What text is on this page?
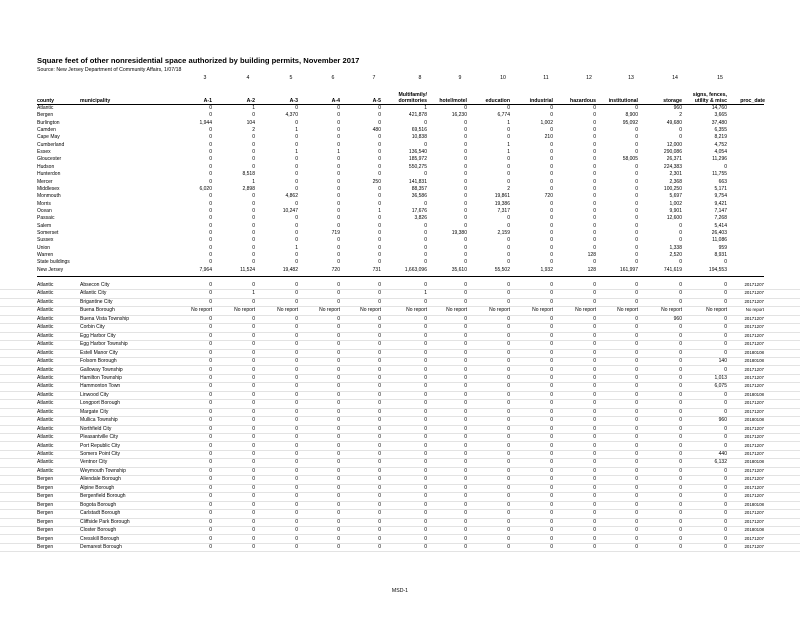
Square feet of other nonresidential space authorized by building permits, November 2017
Source: New Jersey Department of Community Affairs, 1/07/18
3	4	5	6	7	8	9	10	11	12	13	14	15
county	municipality	proc_date
A-1	A-2	A-3	A-4	A-5
Multifamily/
dormitories	hotel/motel	education	industrial	hazardous	institutional	storage
signs, fences,
utility & misc
Atlantic	0	1	0	0	0	1	0	0	0	0	0	960	14,760
Bergen	0	0	4,370	0	0	421,878	16,230	6,774	0	0	8,900	2	3,665
Burlington	1,944	104	0	0	0	0	0	1	1,002	0	95,092	49,680	37,480
Camden	0	2	1	0	480	69,516	0	0	0	0	0	0	6,355
Cape May	0	0	0	0	0	10,838	0	0	210	0	0	0	8,219
Cumberland	0	0	0	0	0	0	0	1	0	0	0	12,000	4,752
Essex	0	0	1	1	0	136,540	0	1	0	0	0	290,086	4,054
Gloucester	0	0	0	0	0	185,972	0	0	0	0	58,005	26,371	11,296
Hudson	0	0	0	0	0	550,275	0	0	0	0	0	224,383	0
Hunterdon	0	8,518	0	0	0	0	0	0	0	0	0	2,301	11,755
Mercer	0	1	0	0	250	141,831	0	0	0	0	0	2,368	663
Middlesex	6,020	2,898	0	0	0	88,357	0	2	0	0	0	100,250	5,171
Monmouth	0	0	4,862	0	0	36,586	0	19,861	720	0	0	5,697	9,754
Morris	0	0	0	0	0	0	0	19,386	0	0	0	1,002	9,421
Ocean	0	0	10,247	0	1	17,676	0	7,317	0	0	0	9,901	7,147
Passaic	0	0	0	0	0	3,826	0	0	0	0	0	12,600	7,268
Salem	0	0	0	0	0	0	0	0	0	0	0	0	5,414
Somerset	0	0	0	719	0	0	19,380	2,159	0	0	0	0	26,403
Sussex	0	0	0	0	0	0	0	0	0	0	0	0	11,086
Union	0	0	1	0	0	0	0	0	0	0	0	1,338	959
Warren	0	0	0	0	0	0	0	0	0	128	0	2,520	8,931
State buildings	0	0	0	0	0	0	0	0	0	0	0	0	0
New Jersey	7,964	11,524	19,482	720	731	1,663,096	35,610	55,502	1,932	128	161,997	741,619	194,553
Atlantic	Absecon City	0	0	0	0	0	0	0	0	0	0	0	0	0	20171207
Atlantic	Atlantic City	0	1	0	0	0	1	0	0	0	0	0	0	0	20171207
Atlantic	Brigantine City	0	0	0	0	0	0	0	0	0	0	0	0	0	20171207
Atlantic	Buena Borough	No report	No report	No report	No report	No report	No report	No report	No report	No report	No report	No report	No report	No report	No report
Atlantic	Buena Vista Township	0	0	0	0	0	0	0	0	0	0	0	960	0	20171207
Atlantic	Corbin City	0	0	0	0	0	0	0	0	0	0	0	0	0	20171207
Atlantic	Egg Harbor City	0	0	0	0	0	0	0	0	0	0	0	0	0	20171207
Atlantic	Egg Harbor Township	0	0	0	0	0	0	0	0	0	0	0	0	0	20171207
Atlantic	Estell Manor City	0	0	0	0	0	0	0	0	0	0	0	0	0	20180108
Atlantic	Folsom Borough	0	0	0	0	0	0	0	0	0	0	0	0	140	20180108
Atlantic	Galloway Township	0	0	0	0	0	0	0	0	0	0	0	0	0	20171207
Atlantic	Hamilton Township	0	0	0	0	0	0	0	0	0	0	0	0	1,013	20171207
Atlantic	Hammonton Town	0	0	0	0	0	0	0	0	0	0	0	0	6,075	20171207
Atlantic	Linwood City	0	0	0	0	0	0	0	0	0	0	0	0	0	20180108
Atlantic	Longport Borough	0	0	0	0	0	0	0	0	0	0	0	0	0	20171207
Atlantic	Margate City	0	0	0	0	0	0	0	0	0	0	0	0	0	20171207
Atlantic	Mullica Township	0	0	0	0	0	0	0	0	0	0	0	0	960	20180108
Atlantic	Northfield City	0	0	0	0	0	0	0	0	0	0	0	0	0	20171207
Atlantic	Pleasantville City	0	0	0	0	0	0	0	0	0	0	0	0	0	20171207
Atlantic	Port Republic City	0	0	0	0	0	0	0	0	0	0	0	0	0	20171207
Atlantic	Somers Point City	0	0	0	0	0	0	0	0	0	0	0	0	440	20171207
Atlantic	Ventnor City	0	0	0	0	0	0	0	0	0	0	0	0	6,132	20180108
Atlantic	Weymouth Township	0	0	0	0	0	0	0	0	0	0	0	0	0	20171207
Bergen	Allendale Borough	0	0	0	0	0	0	0	0	0	0	0	0	0	20171207
Bergen	Alpine Borough	0	0	0	0	0	0	0	0	0	0	0	0	0	20171207
Bergen	Bergenfield Borough	0	0	0	0	0	0	0	0	0	0	0	0	0	20171207
Bergen	Bogota Borough	0	0	0	0	0	0	0	0	0	0	0	0	0	20180108
Bergen	Carlstadt Borough	0	0	0	0	0	0	0	0	0	0	0	0	0	20171207
Bergen	Cliffside Park Borough	0	0	0	0	0	0	0	0	0	0	0	0	0	20171207
Bergen	Closter Borough	0	0	0	0	0	0	0	0	0	0	0	0	0	20180108
Bergen	Cresskill Borough	0	0	0	0	0	0	0	0	0	0	0	0	0	20171207
Bergen	Demarest Borough	0	0	0	0	0	0	0	0	0	0	0	0	0	20171207
MSD-1
